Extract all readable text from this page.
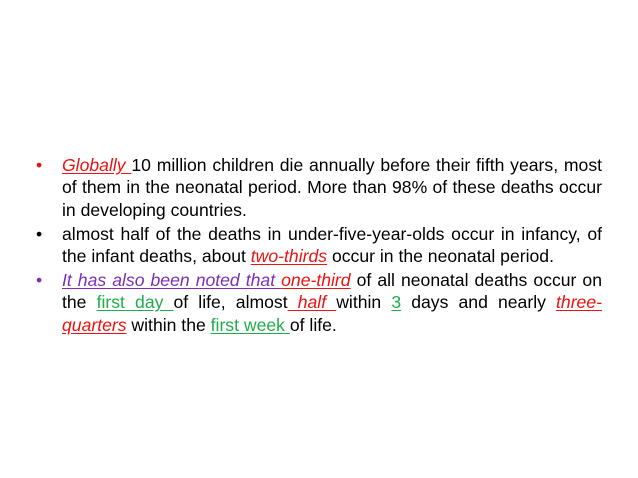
•	Globally 10 million children die annually before their fifth years, most of them in the neonatal period. More than 98% of these deaths occur in developing countries.
•	almost half of the deaths in under-five-year-olds occur in infancy, of the infant deaths, about two-thirds occur in the neonatal period.
•	It has also been noted that one-third of all neonatal deaths occur on the first day of life, almost half within 3 days and nearly three-quarters within the first week of life.
